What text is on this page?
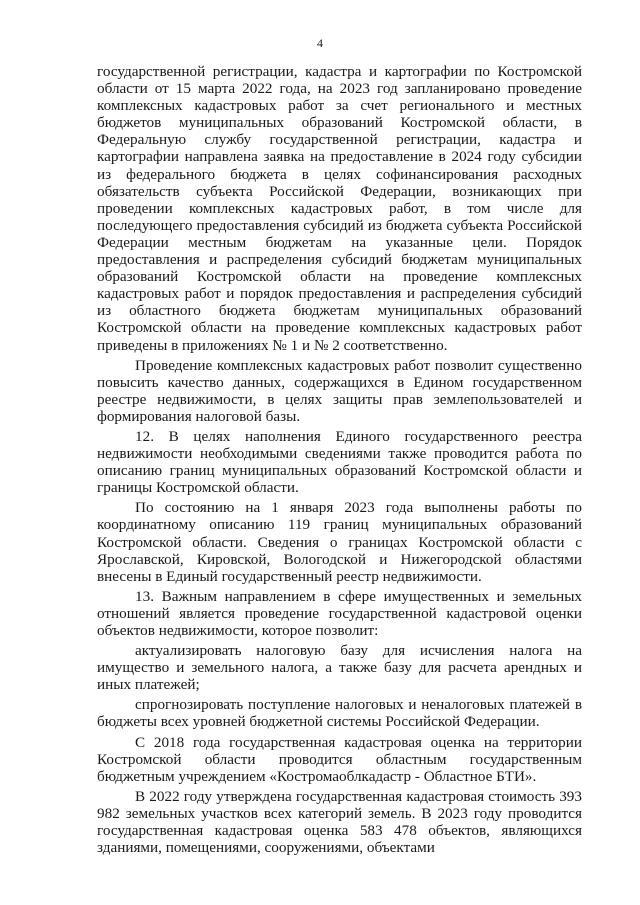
4

государственной регистрации, кадастра и картографии по Костромской области от 15 марта 2022 года, на 2023 год запланировано проведение комплексных кадастровых работ за счет регионального и местных бюджетов муниципальных образований Костромской области, в Федеральную службу государственной регистрации, кадастра и картографии направлена заявка на предоставление в 2024 году субсидии из федерального бюджета в целях софинансирования расходных обязательств субъекта Российской Федерации, возникающих при проведении комплексных кадастровых работ, в том числе для последующего предоставления субсидий из бюджета субъекта Российской Федерации местным бюджетам на указанные цели. Порядок предоставления и распределения субсидий бюджетам муниципальных образований Костромской области на проведение комплексных кадастровых работ и порядок предоставления и распределения субсидий из областного бюджета бюджетам муниципальных образований Костромской области на проведение комплексных кадастровых работ приведены в приложениях № 1 и № 2 соответственно.

Проведение комплексных кадастровых работ позволит существенно повысить качество данных, содержащихся в Едином государственном реестре недвижимости, в целях защиты прав землепользователей и формирования налоговой базы.

12. В целях наполнения Единого государственного реестра недвижимости необходимыми сведениями также проводится работа по описанию границ муниципальных образований Костромской области и границы Костромской области.

По состоянию на 1 января 2023 года выполнены работы по координатному описанию 119 границ муниципальных образований Костромской области. Сведения о границах Костромской области с Ярославской, Кировской, Вологодской и Нижегородской областями внесены в Единый государственный реестр недвижимости.

13. Важным направлением в сфере имущественных и земельных отношений является проведение государственной кадастровой оценки объектов недвижимости, которое позволит:

актуализировать налоговую базу для исчисления налога на имущество и земельного налога, а также базу для расчета арендных и иных платежей;

спрогнозировать поступление налоговых и неналоговых платежей в бюджеты всех уровней бюджетной системы Российской Федерации.

С 2018 года государственная кадастровая оценка на территории Костромской области проводится областным государственным бюджетным учреждением «Костромаоблкадастр - Областное БТИ».

В 2022 году утверждена государственная кадастровая стоимость 393 982 земельных участков всех категорий земель. В 2023 году проводится государственная кадастровая оценка 583 478 объектов, являющихся зданиями, помещениями, сооружениями, объектами
